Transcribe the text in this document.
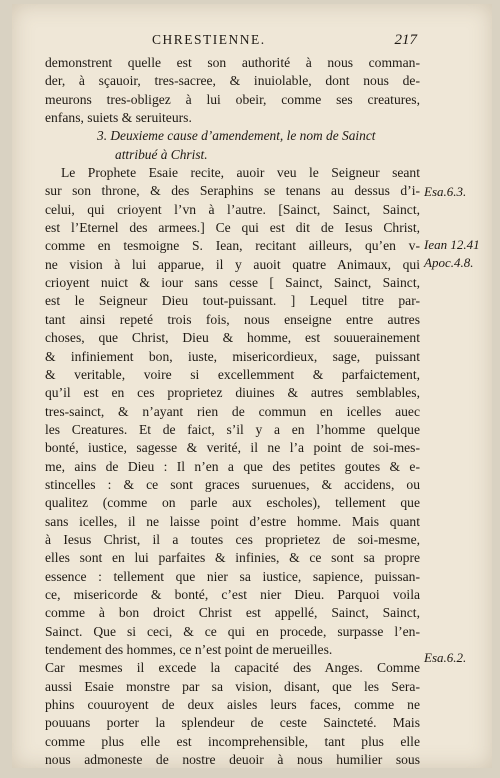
CHRESTIENNE.	217
demonstrent quelle est son authorité à nous comman-
der, à sçauoir, tres-sacree, & inuiolable, dont nous de-
meurons tres-obligez à lui obeir, comme ses creatures,
enfans, suiets & seruiteurs.
3. Deuxieme cause d’amendement, le nom de Sainct
attribué à Christ.
Le Prophete Esaie recite, auoir veu le Seigneur seant
sur son throne, & des Seraphins se tenans au dessus d’i-
celui, qui crioyent l’vn à l’autre. [Sainct, Sainct, Sainct,
est l’Eternel des armees.] Ce qui est dit de Iesus Christ,
comme en tesmoigne S. Iean, recitant ailleurs, qu’en v-
ne vision à lui apparue, il y auoit quatre Animaux, qui
crioyent nuict & iour sans cesse [ Sainct, Sainct, Sainct,
est le Seigneur Dieu tout-puissant. ] Lequel titre par-
tant ainsi repeté trois fois, nous enseigne entre autres
choses, que Christ, Dieu & homme, est souuerainement
& infiniement bon, iuste, misericordieux, sage, puissant
& veritable, voire si excellemment & parfaictement,
qu’il est en ces proprietez diuines & autres semblables,
tres-sainct, & n’ayant rien de commun en icelles auec
les Creatures. Et de faict, s’il y a en l’homme quelque
bonté, iustice, sagesse & verité, il ne l’a point de soi-mes-
me, ains de Dieu : Il n’en a que des petites goutes & e-
stincelles : & ce sont graces suruenues, & accidens, ou
qualitez (comme on parle aux escholes), tellement que
sans icelles, il ne laisse point d’estre homme. Mais quant
à Iesus Christ, il a toutes ces proprietez de soi-mesme,
elles sont en lui parfaites & infinies, & ce sont sa propre
essence : tellement que nier sa iustice, sapience, puissan-
ce, misericorde & bonté, c’est nier Dieu. Parquoi voila
comme à bon droict Christ est appellé, Sainct, Sainct,
Sainct. Que si ceci, & ce qui en procede, surpasse l’en-
tendement des hommes, ce n’est point de merueilles.
Car mesmes il excede la capacité des Anges. Comme
aussi Esaie monstre par sa vision, disant, que les Sera-
phins couuroyent de deux aisles leurs faces, comme ne
pouuans porter la splendeur de ceste Saincteté. Mais
comme plus elle est incomprehensible, tant plus elle
nous admoneste de nostre deuoir à nous humilier sous
Esa.6.3.
Iean 12.41
Apoc.4.8.
Esa.6.2.
